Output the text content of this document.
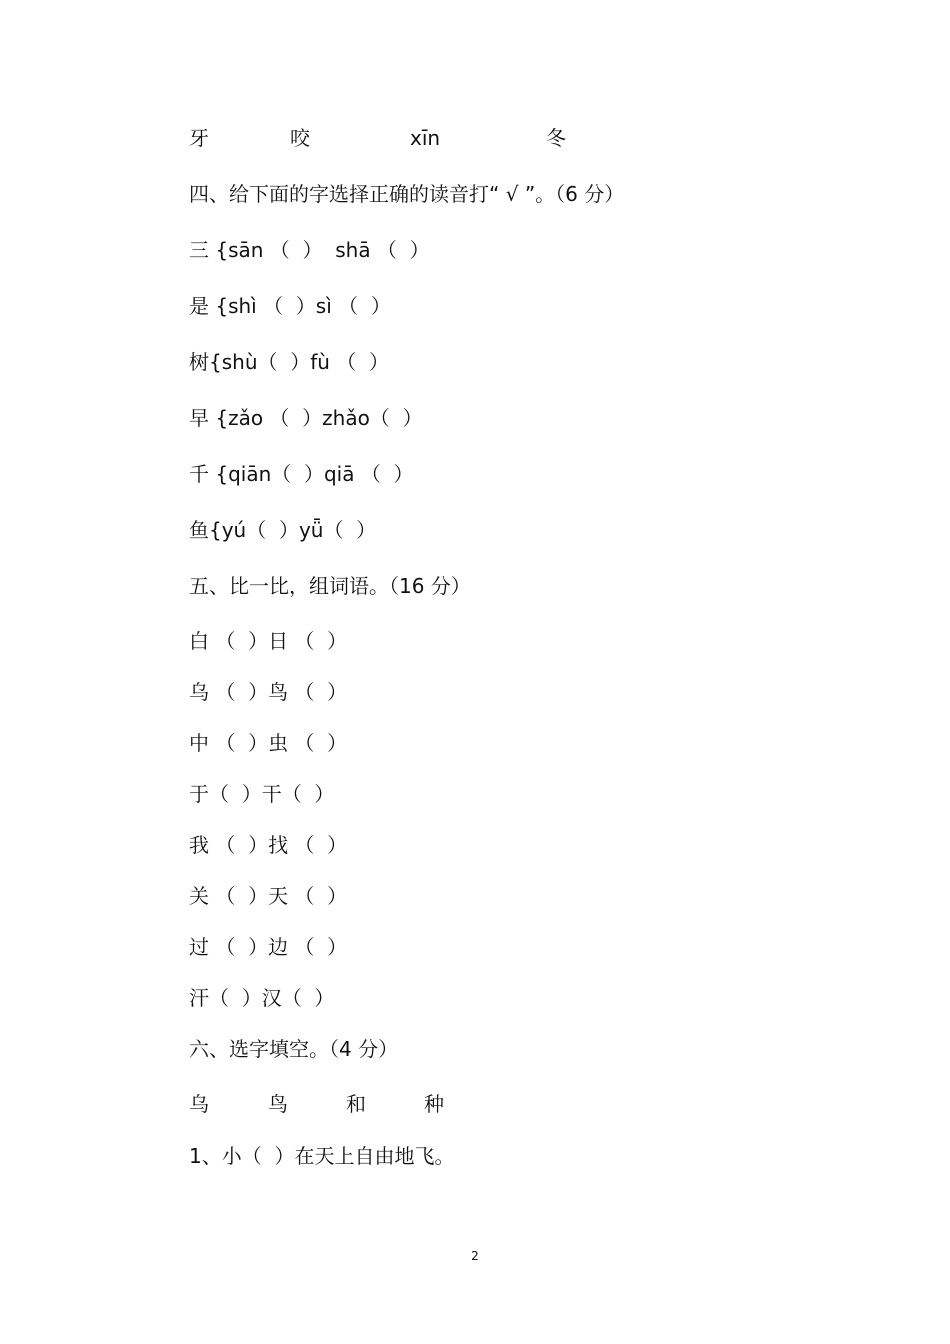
牙	咬	xīn	冬
四、给下面的字选择正确的读音打“ √ ”。（6 分）
三 {sān （  ）  shā （  ）
是 {shì （  ）sì （  ）
树{shù（  ）fù （  ）
早 {zǎo （  ）zhǎo（  ）
千 {qiān（  ）qiā （  ）
鱼{yú（  ）yǖ（  ）
五、比一比，组词语。（16 分）
白 （  ）日 （  ）
乌 （  ）鸟 （  ）
中 （  ）虫 （  ）
于（  ）干（  ）
我 （  ）找 （  ）
关 （  ）天 （  ）
过 （  ）边 （  ）
汗（  ）汉（  ）
六、选字填空。（4 分）
乌	鸟	和	种
1、小（  ）在天上自由地飞。
2
